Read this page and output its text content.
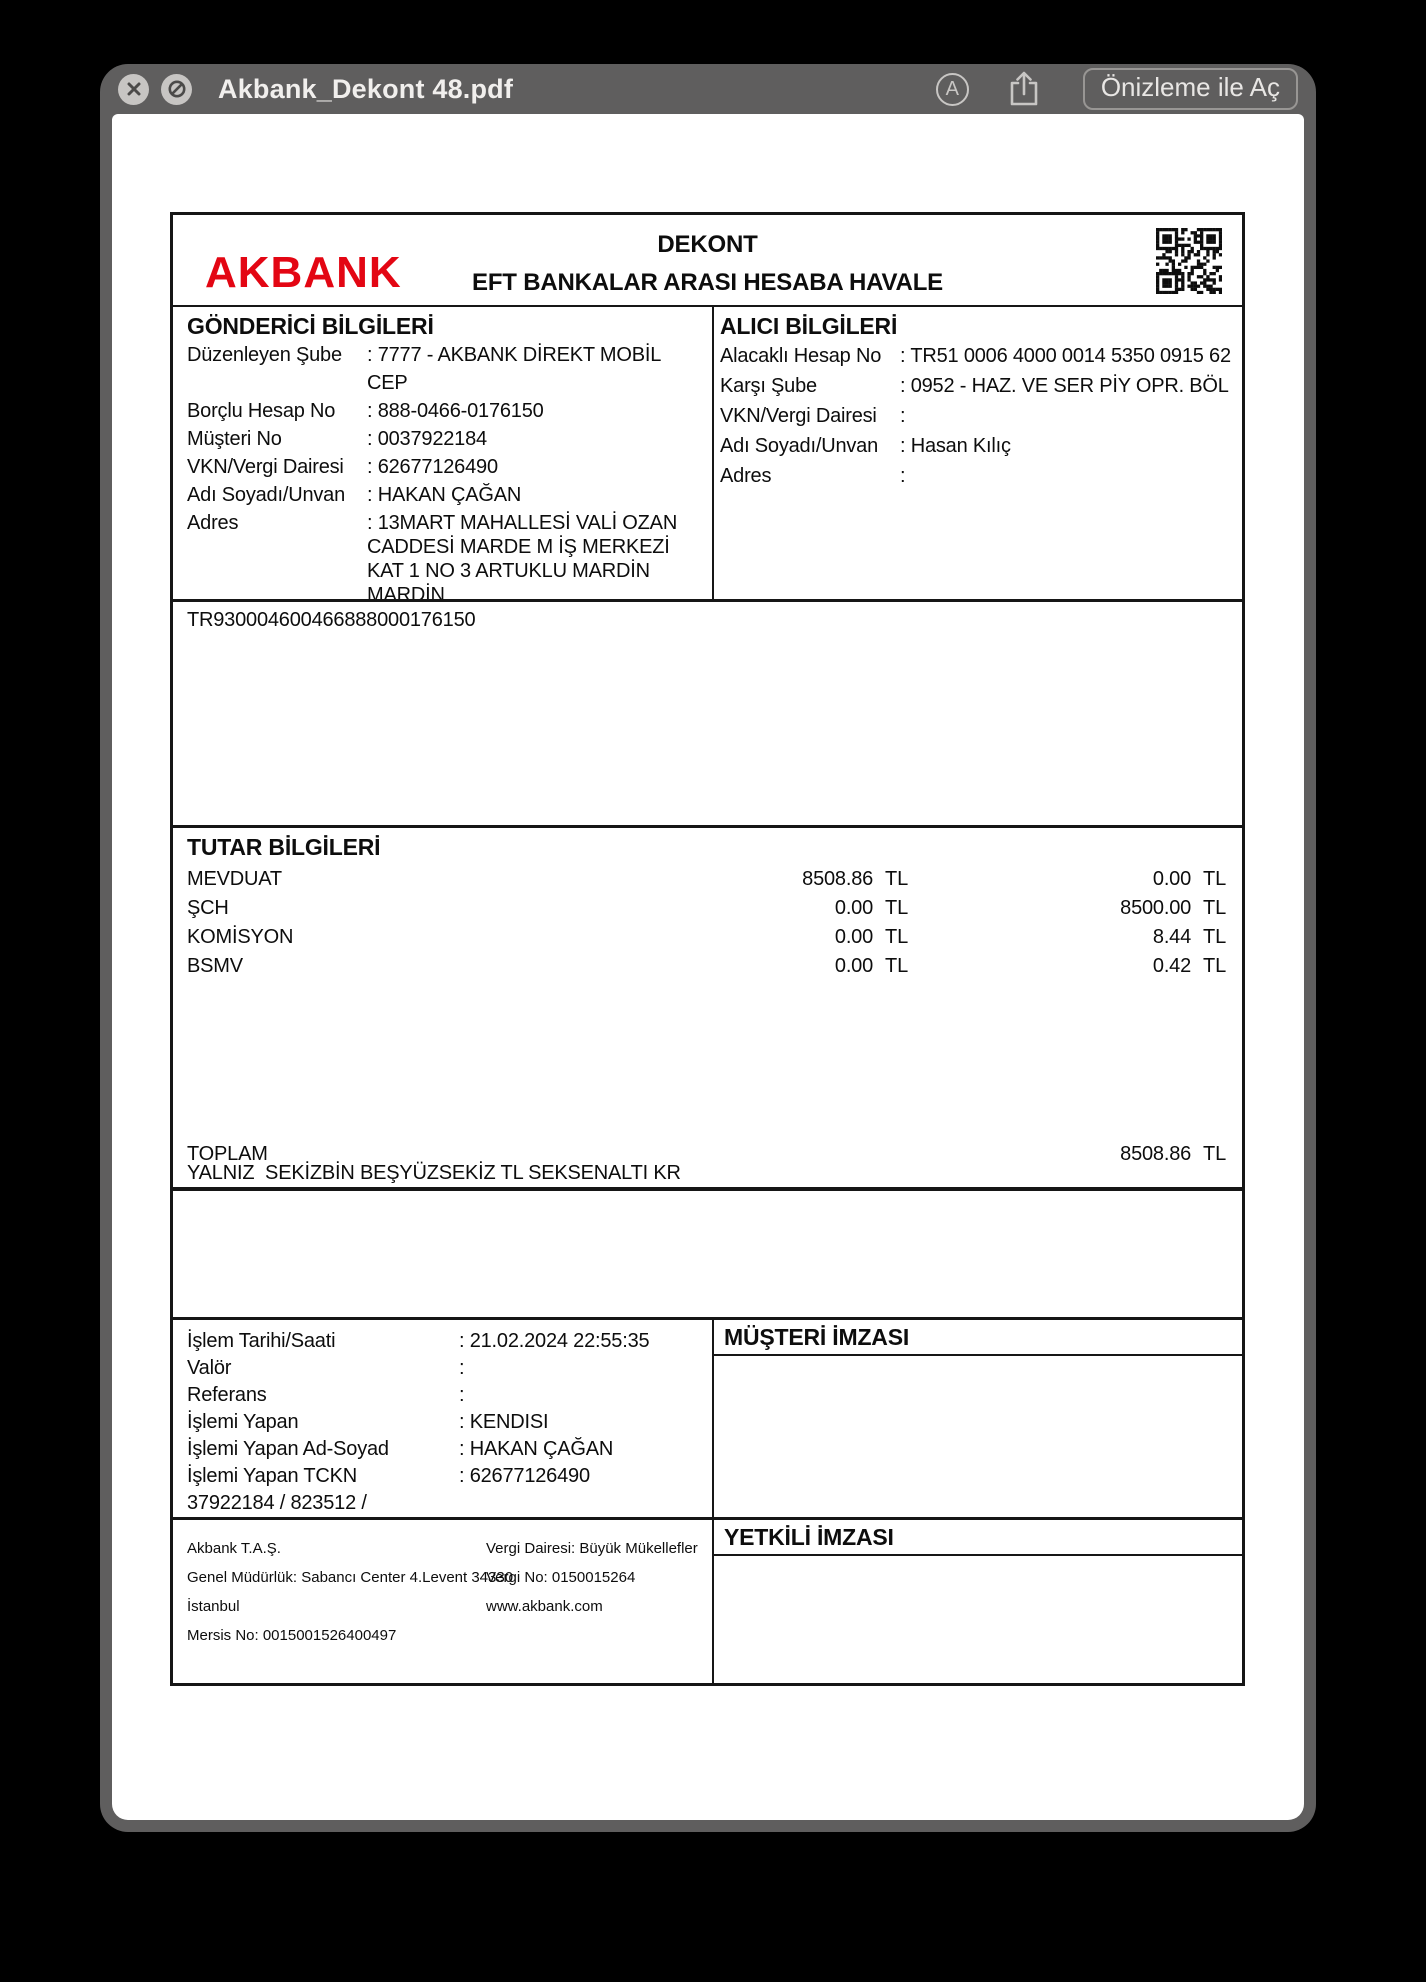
Akbank_Dekont 48.pdf	A	Önizleme ile Aç
AKBANK
DEKONT
EFT BANKALAR ARASI HESABA HAVALE
GÖNDERİCİ BİLGİLERİ
Düzenleyen Şube	: 7777 - AKBANK DİREKT MOBİL CEP
Borçlu Hesap No	: 888-0466-0176150
Müşteri No	: 0037922184
VKN/Vergi Dairesi	: 62677126490
Adı Soyadı/Unvan	: HAKAN ÇAĞAN
Adres	: 13MART MAHALLESİ VALİ OZAN CADDESİ MARDE M İŞ MERKEZİ KAT 1 NO 3 ARTUKLU MARDİN   MARDİN
ALICI BİLGİLERİ
Alacaklı Hesap No : TR51 0006 4000 0014 5350 0915 62
Karşı Şube	: 0952 - HAZ. VE SER PİY OPR. BÖL
VKN/Vergi Dairesi	:
Adı Soyadı/Unvan	: Hasan Kılıç
Adres	:
TR930004600466888000176150
TUTAR BİLGİLERİ
MEVDUAT	8508.86 TL	0.00 TL
ŞCH	0.00 TL	8500.00 TL
KOMİSYON	0.00 TL	8.44 TL
BSMV	0.00 TL	0.42 TL
TOPLAM	8508.86 TL
YALNIZ  SEKİZBİN BEŞYÜZSEKİZ TL SEKSENALTI KR
İşlem Tarihi/Saati	: 21.02.2024 22:55:35
Valör	:
Referans	:
İşlemi Yapan	: KENDISI
İşlemi Yapan Ad-Soyad	: HAKAN ÇAĞAN
İşlemi Yapan TCKN	: 62677126490
37922184 / 823512 /
MÜŞTERİ İMZASI
Akbank T.A.Ş.
Genel Müdürlük: Sabancı Center 4.Levent 34330
İstanbul
Mersis No: 0015001526400497
Vergi Dairesi: Büyük Mükellefler
Vergi No: 0150015264
www.akbank.com
YETKİLİ İMZASI
